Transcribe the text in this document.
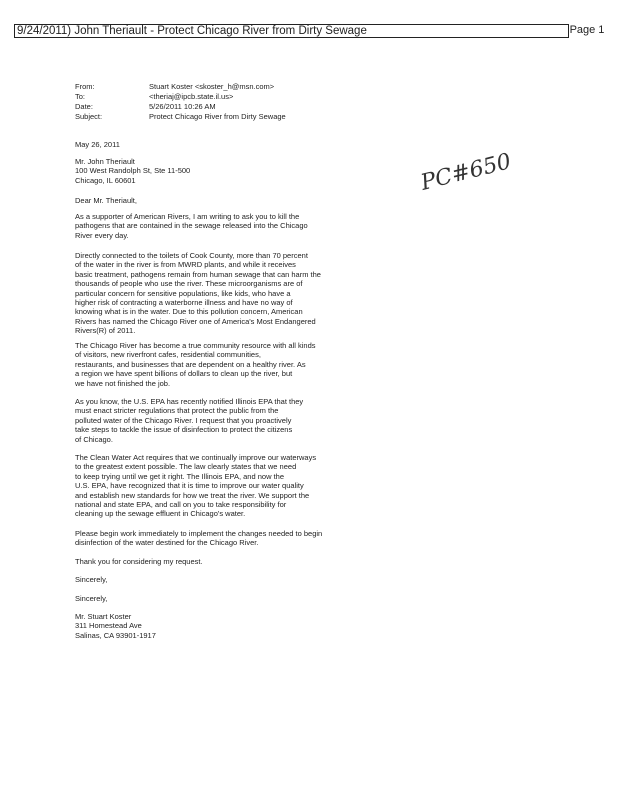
9/24/2011) John Theriault - Protect Chicago River from Dirty Sewage	Page 1
From:	Stuart Koster <skoster_h@msn.com>
To:	<theriaj@ipcb.state.il.us>
Date:	5/26/2011 10:26 AM
Subject:	Protect Chicago River from Dirty Sewage
PC#650
May 26, 2011

Mr. John Theriault

100 West Randolph St, Ste 11-500

Chicago, IL 60601

Dear Mr. Theriault,

As a supporter of American Rivers, I am writing to ask you to kill the

pathogens that are contained in the sewage released into the Chicago

River every day.

Directly connected to the toilets of Cook County, more than 70 percent

of the water in the river is from MWRD plants, and while it receives

basic treatment, pathogens remain from human sewage that can harm the

thousands of people who use the river. These microorganisms are of

particular concern for sensitive populations, like kids, who have a

higher risk of contracting a waterborne illness and have no way of

knowing what is in the water. Due to this pollution concern, American

Rivers has named the Chicago River one of America's Most Endangered

Rivers(R) of 2011.

The Chicago River has become a true community resource with all kinds

of visitors, new riverfront cafes, residential communities,

restaurants, and businesses that are dependent on a healthy river. As

a region we have spent billions of dollars to clean up the river, but

we have not finished the job.

As you know, the U.S. EPA has recently notified Illinois EPA that they

must enact stricter regulations that protect the public from the

polluted water of the Chicago River. I request that you proactively

take steps to tackle the issue of disinfection to protect the citizens

of Chicago.

The Clean Water Act requires that we continually improve our waterways

to the greatest extent possible. The law clearly states that we need

to keep trying until we get it right. The Illinois EPA, and now the

U.S. EPA, have recognized that it is time to improve our water quality

and establish new standards for how we treat the river. We support the

national and state EPA, and call on you to take responsibility for

cleaning up the sewage effluent in Chicago's water.

Please begin work immediately to implement the changes needed to begin

disinfection of the water destined for the Chicago River.

Thank you for considering my request.

Sincerely,
Sincerely,

Mr. Stuart Koster

311 Homestead Ave

Salinas, CA 93901-1917
